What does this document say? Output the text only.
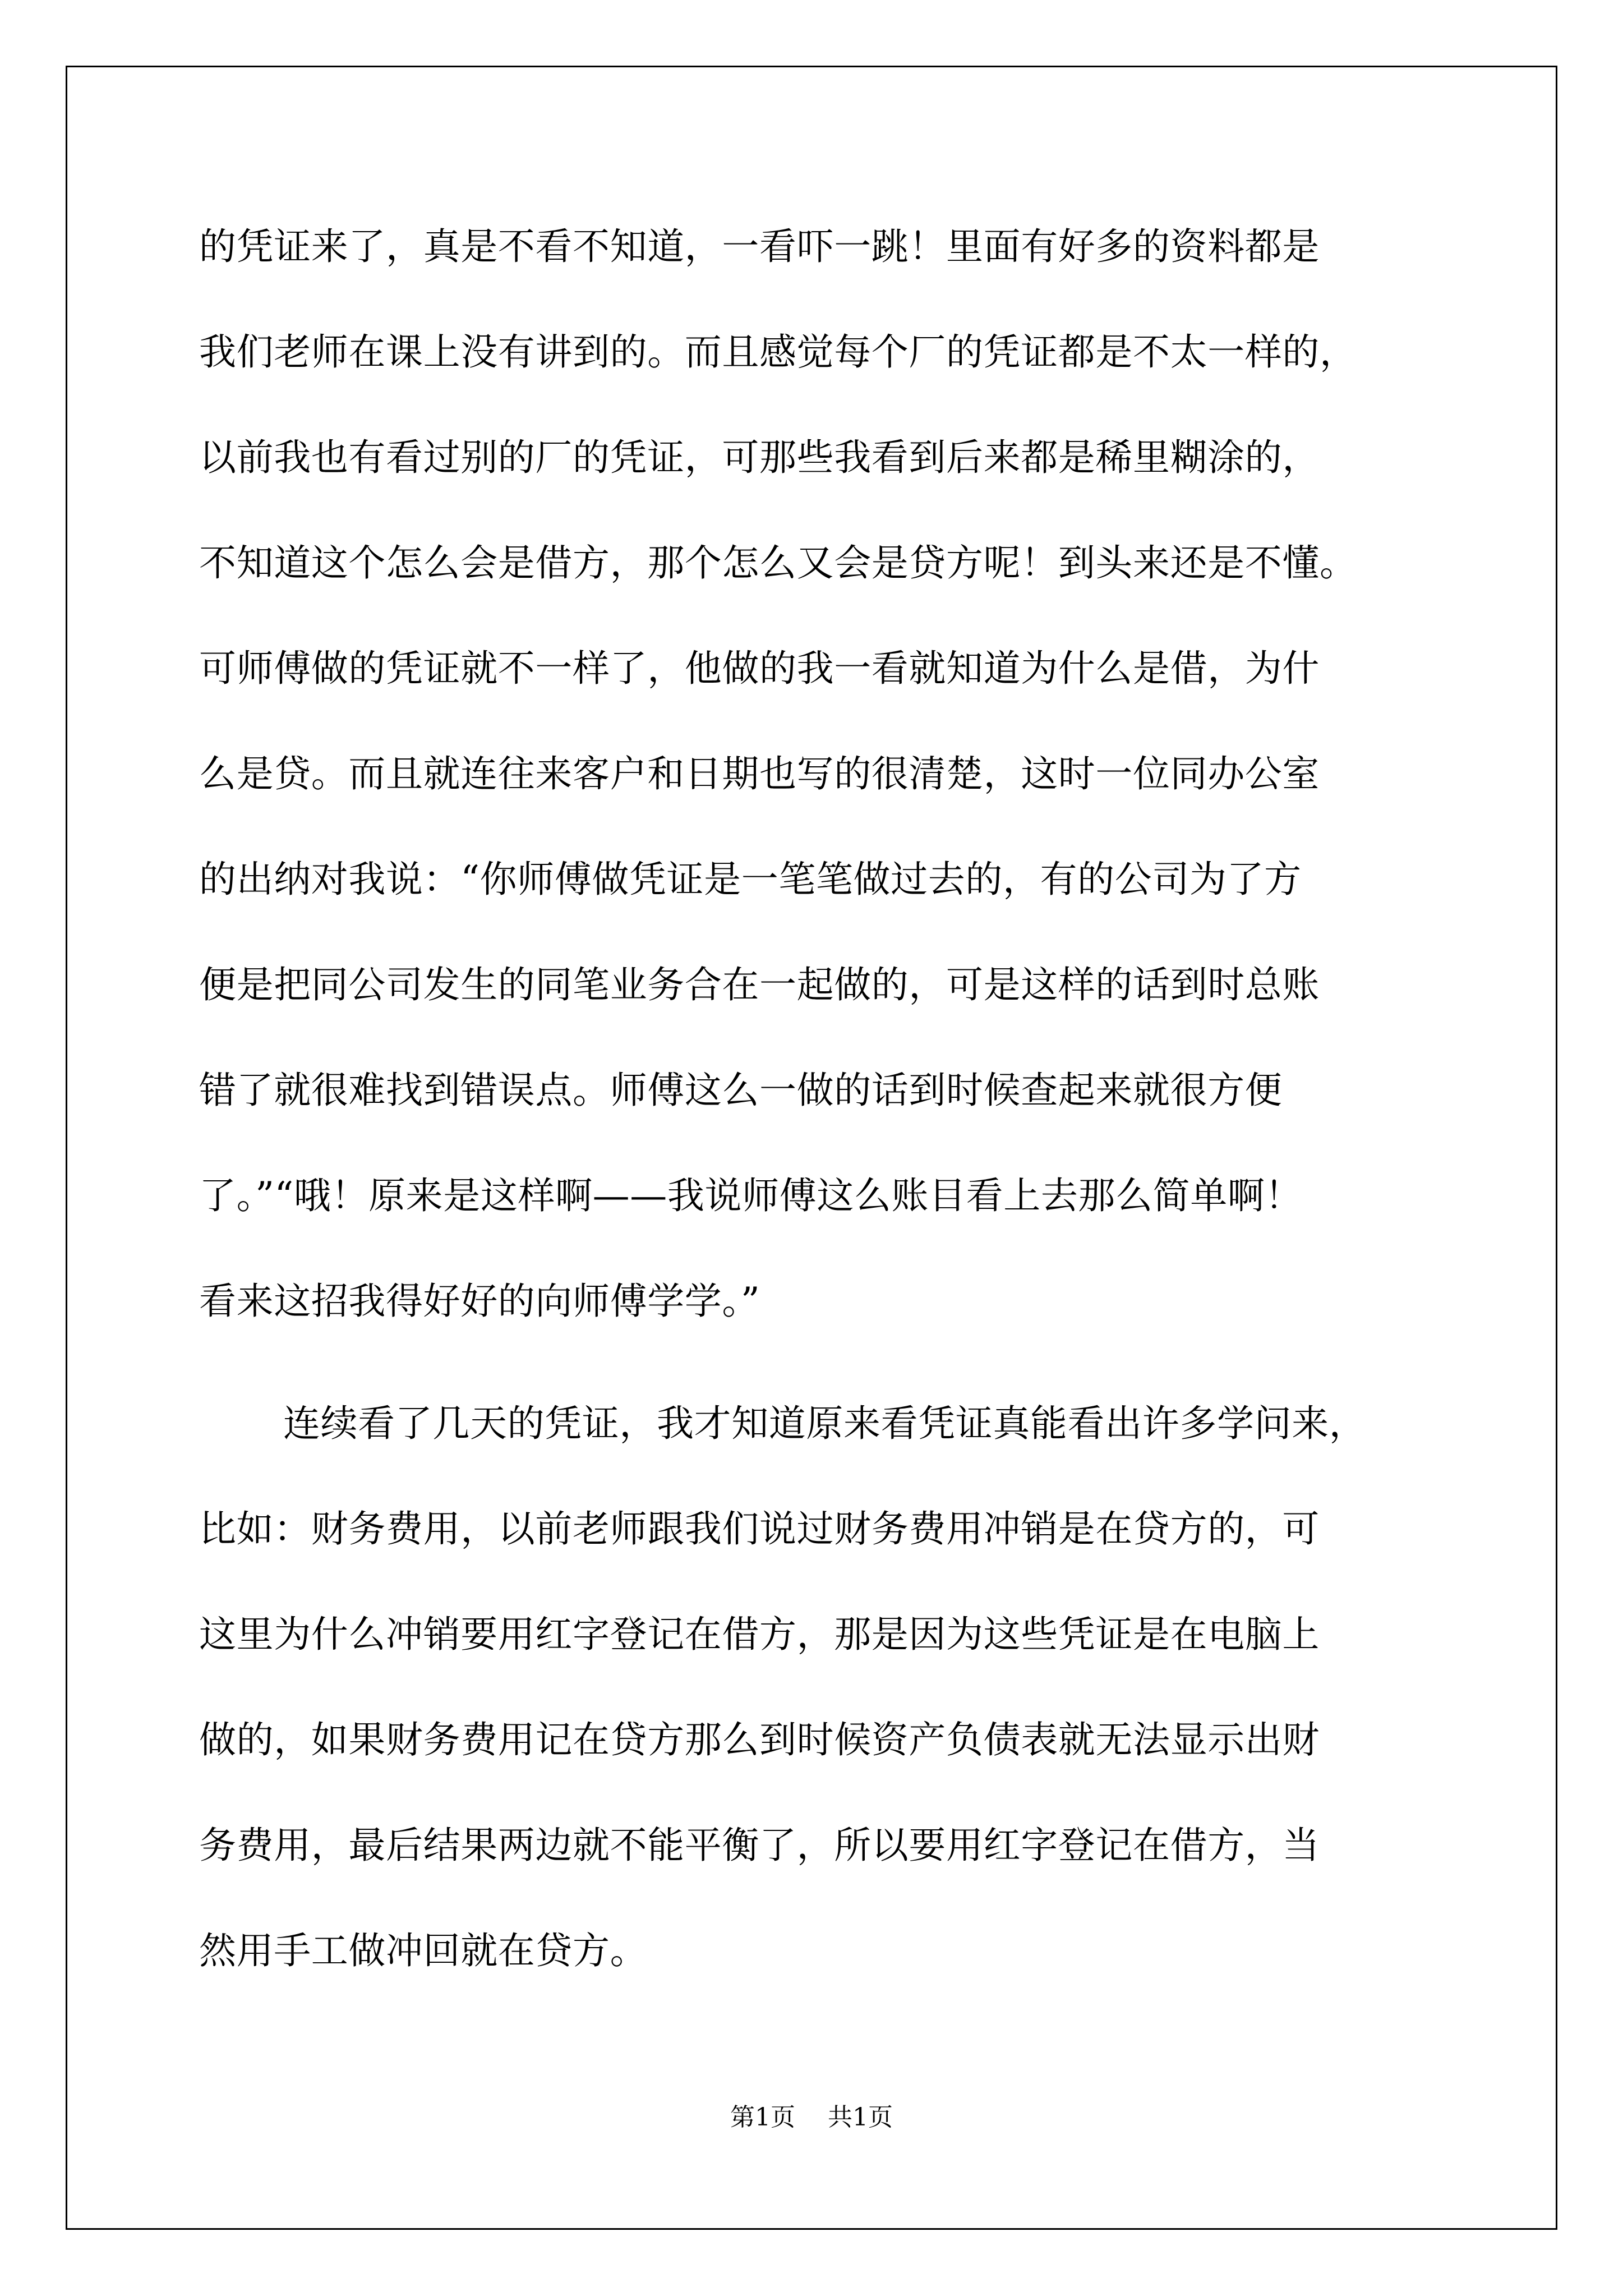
的凭证来了，真是不看不知道，一看吓一跳！里面有好多的资料都是
我们老师在课上没有讲到的。而且感觉每个厂的凭证都是不太一样的，
以前我也有看过别的厂的凭证，可那些我看到后来都是稀里糊涂的，
不知道这个怎么会是借方，那个怎么又会是贷方呢！到头来还是不懂。
可师傅做的凭证就不一样了，他做的我一看就知道为什么是借，为什
么是贷。而且就连往来客户和日期也写的很清楚，这时一位同办公室
的出纳对我说：“你师傅做凭证是一笔笔做过去的，有的公司为了方
便是把同公司发生的同笔业务合在一起做的，可是这样的话到时总账
错了就很难找到错误点。师傅这么一做的话到时候查起来就很方便
了。”“哦！原来是这样啊——我说师傅这么账目看上去那么简单啊！
看来这招我得好好的向师傅学学。”
连续看了几天的凭证，我才知道原来看凭证真能看出许多学问来，
比如：财务费用，以前老师跟我们说过财务费用冲销是在贷方的，可
这里为什么冲销要用红字登记在借方，那是因为这些凭证是在电脑上
做的，如果财务费用记在贷方那么到时候资产负债表就无法显示出财
务费用，最后结果两边就不能平衡了，所以要用红字登记在借方，当
然用手工做冲回就在贷方。
第1页 共1页
